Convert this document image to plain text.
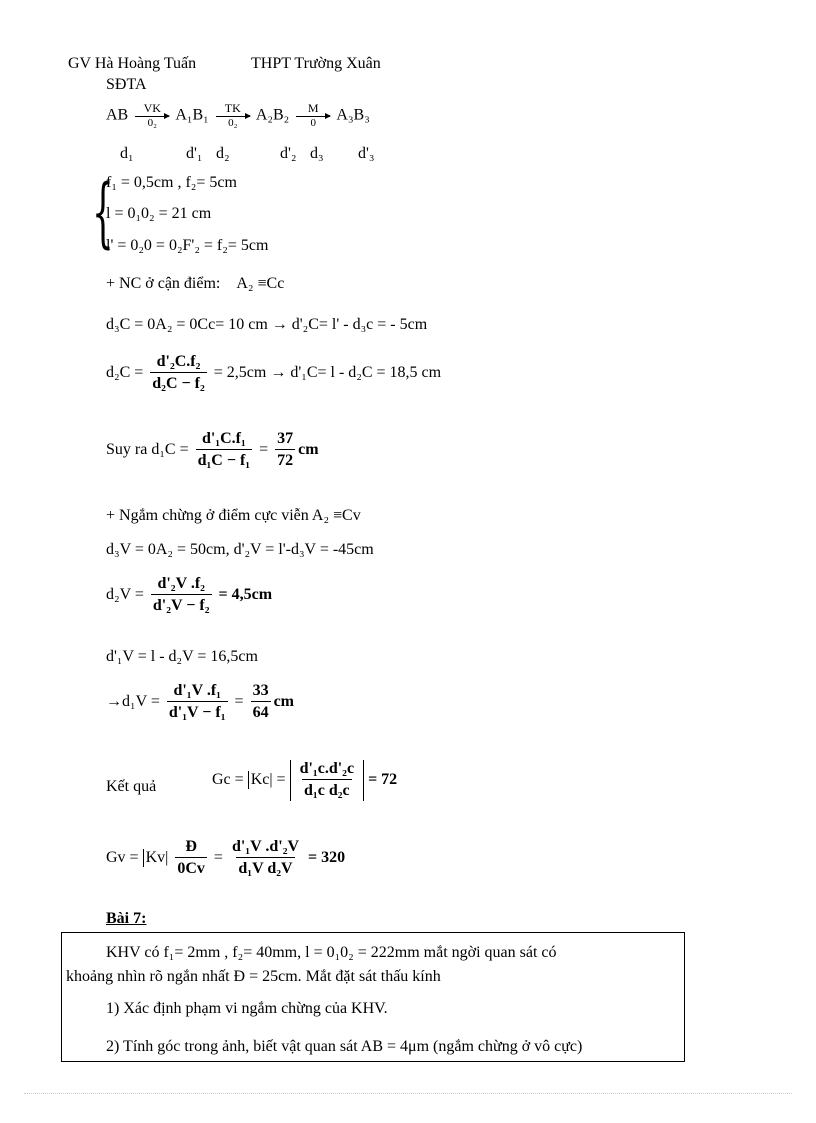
GV Hà Hoàng Tuấn	THPT Trường Xuân
SĐTA
AB $\frac{VK}{\text{0₂}} A_1B_1 \frac{TK}{\text{0₂}} A_2B_2 \frac{M}{0} A_3B_3$
d₁	d'₁ d₂	d'₂ d₃ d'₃
{
f₁ = 0,5cm , f₂= 5cm
l = 0₁0₂ = 21 cm
l' = 0₂0 = 0₂F'₂ = f₂= 5cm
+ NC ở cận điểm: A₂ ≡Cc
d₃C = 0A₂ = 0Cc= 10 cm → d'₂C= l' - d₃c = - 5cm
$d_2C = \frac{\text{d'₂C.f₂}}{\text{d₂C − f₂}} = 2,5cm \to d'_1C= l - d_2C = 18,5$ cm
Suy ra $d_1C = \frac{\text{d'₁C.f₁}}{\text{d₁C − f₁}} = \frac{37}{72}$ cm
+ Ngắm chừng ở điểm cực viễn A₂ ≡Cv
d₃V = 0A₂ = 50cm, d'₂V = l'-d₃V = -45cm
$d_2V = \frac{\text{d'₂V .f₂}}{\text{d'₂V − f₂}} = 4,5cm$
d'₁V = l - d₂V = 16,5cm
$\to d_1V = \frac{\text{d'₁V .f₁}}{\text{d'₁V − f₁}} = \frac{33}{64}$ cm
Kết quả	$Gc = Kc| = \frac{\text{d'₁c.d'₂c}}{\text{d₁c d₂c}} = 72$
$Gv = Kv| \frac{Đ}{0Cv} = \frac{\text{d'₁V .d'₂V}}{\text{d₁V d₂V}} = 320$
Bài 7:
KHV có f₁= 2mm , f₂= 40mm, l = 0₁0₂ = 222mm mắt ngời quan sát có
khoảng nhìn rõ ngắn nhất Đ = 25cm. Mắt đặt sát thấu kính
1) Xác định phạm vi ngắm chừng của KHV.
2) Tính góc trong ảnh, biết vật quan sát AB = 4μm (ngắm chừng ở vô cực)
